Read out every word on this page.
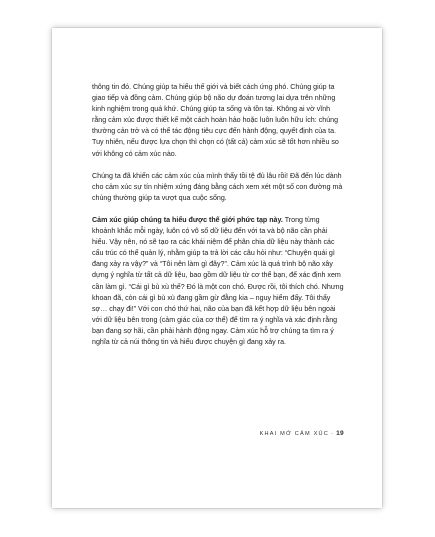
thông tin đó. Chúng giúp ta hiểu thế giới và biết cách ứng phó. Chúng giúp ta giao tiếp và đồng cảm. Chúng giúp bộ não dự đoán tương lai dựa trên những kinh nghiệm trong quá khứ. Chúng giúp ta sống và tồn tại. Không ai vờ vĩnh rằng cảm xúc được thiết kế một cách hoàn hảo hoặc luôn luôn hữu ích: chúng thường cản trở và có thể tác động tiêu cực đến hành động, quyết định của ta. Tuy nhiên, nếu được lựa chọn thì chọn có (tất cả) cảm xúc sẽ tốt hơn nhiều so với không có cảm xúc nào.

Chúng ta đã khiến các cảm xúc của mình thấy tồi tệ đủ lâu rồi! Đã đến lúc dành cho cảm xúc sự tín nhiệm xứng đáng bằng cách xem xét một số con đường mà chúng thường giúp ta vượt qua cuộc sống.

Cảm xúc giúp chúng ta hiểu được thế giới phức tạp này. Trong từng khoảnh khắc mỗi ngày, luôn có vô số dữ liệu đến với ta và bộ não cần phải hiểu. Vậy nên, nó sẽ tạo ra các khái niệm để phân chia dữ liệu này thành các cấu trúc có thể quản lý, nhằm giúp ta trả lời các câu hỏi như: “Chuyện quái gì đang xảy ra vậy?” và “Tôi nên làm gì đây?”. Cảm xúc là quá trình bộ não xây dựng ý nghĩa từ tất cả dữ liệu, bao gồm dữ liệu từ cơ thể bạn, để xác định xem cần làm gì. “Cái gì bù xù thế? Đó là một con chó. Được rồi, tôi thích chó. Nhưng khoan đã, còn cái gì bù xù đang gầm gừ đằng kia – nguy hiểm đấy. Tôi thấy sợ… chạy đi!” Với con chó thứ hai, não của bạn đã kết hợp dữ liệu bên ngoài với dữ liệu bên trong (cảm giác của cơ thể) để tìm ra ý nghĩa và xác định rằng bạn đang sợ hãi, cần phải hành động ngay. Cảm xúc hỗ trợ chúng ta tìm ra ý nghĩa từ cả núi thông tin và hiểu được chuyện gì đang xảy ra.

KHAI MỞ CẢM XÚC · 19
